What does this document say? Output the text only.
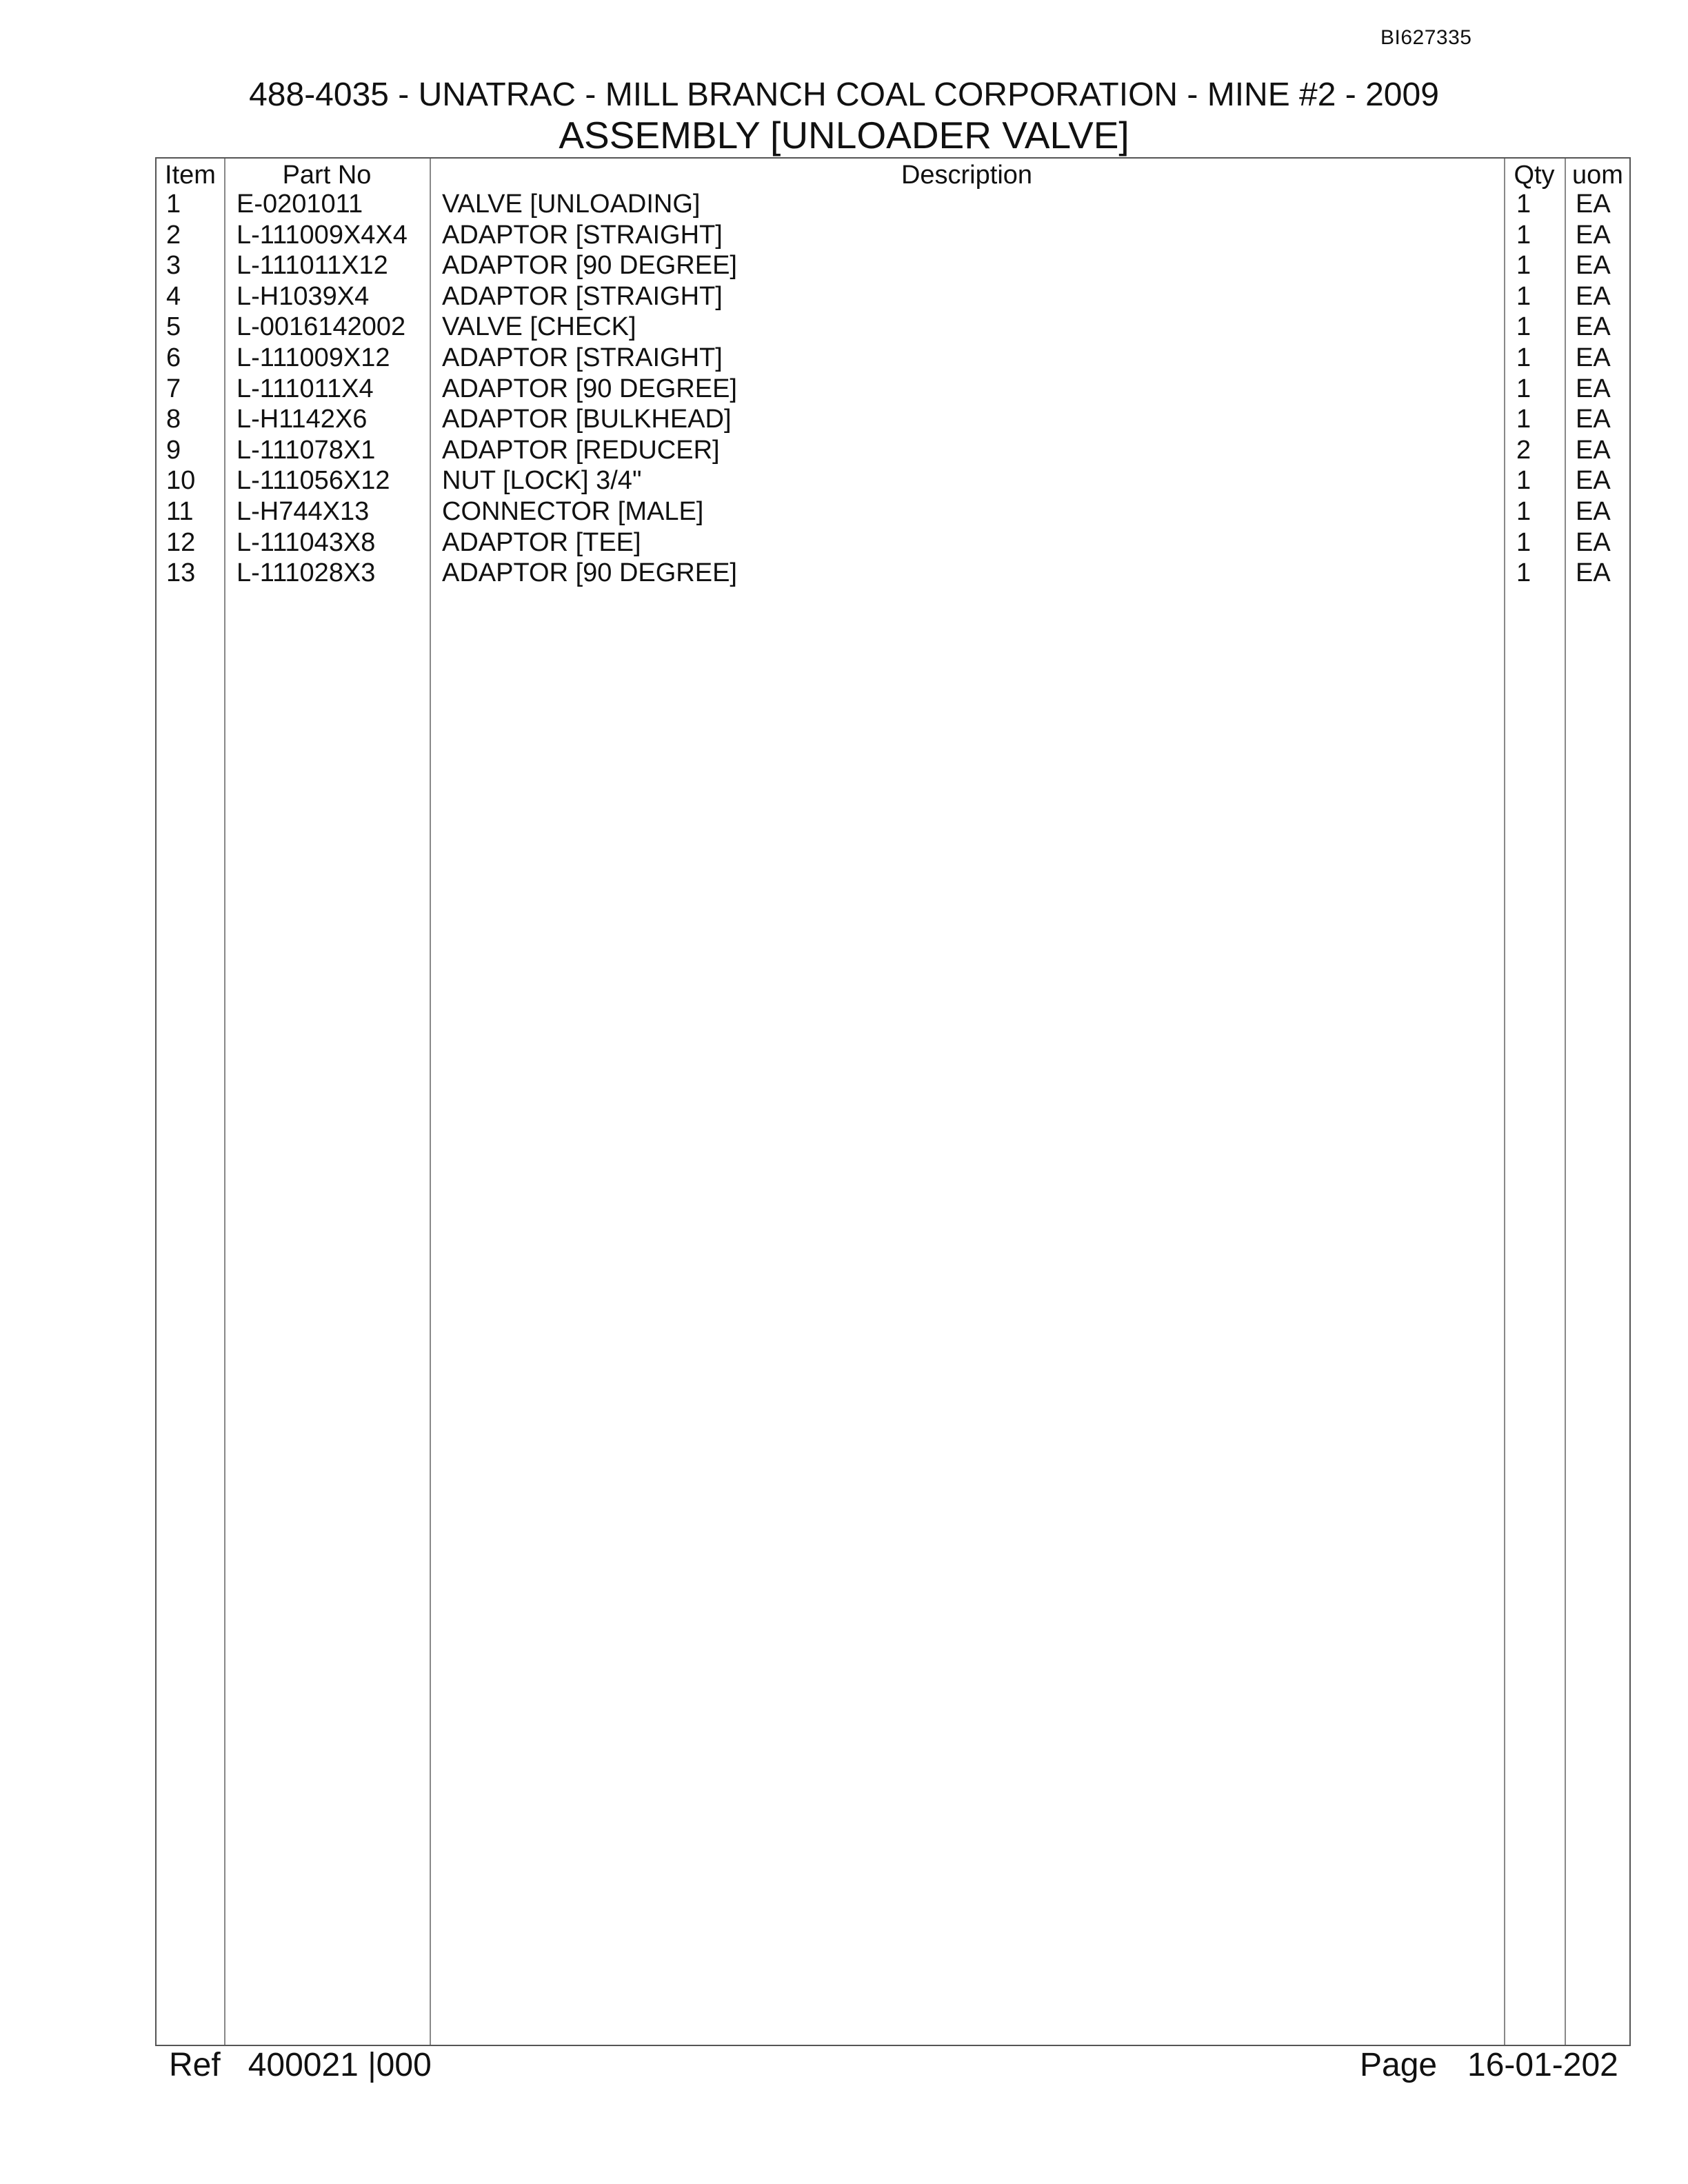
BI627335
488-4035 - UNATRAC - MILL BRANCH COAL CORPORATION - MINE #2 - 2009
ASSEMBLY [UNLOADER VALVE]
Item	Part No	Description	Qty uom
1 E-0201011	VALVE [UNLOADING]	1 EA
2 L-111009X4X4 ADAPTOR [STRAIGHT]	1 EA
3 L-111011X12 ADAPTOR [90 DEGREE]	1 EA
4 L-H1039X4	ADAPTOR [STRAIGHT]	1 EA
5 L-0016142002 VALVE [CHECK]	1 EA
6 L-111009X12 ADAPTOR [STRAIGHT]	1 EA
7 L-111011X4	ADAPTOR [90 DEGREE]	1 EA
8 L-H1142X6	ADAPTOR [BULKHEAD]	1 EA
9 L-111078X1	ADAPTOR [REDUCER]	2 EA
10 L-111056X12 NUT [LOCK] 3/4"	1 EA
11 L-H744X13	CONNECTOR [MALE]	1 EA
12 L-111043X8	ADAPTOR [TEE]	1 EA
13 L-111028X3	ADAPTOR [90 DEGREE]	1 EA
Ref 400021 |000	Page 16-01-202
